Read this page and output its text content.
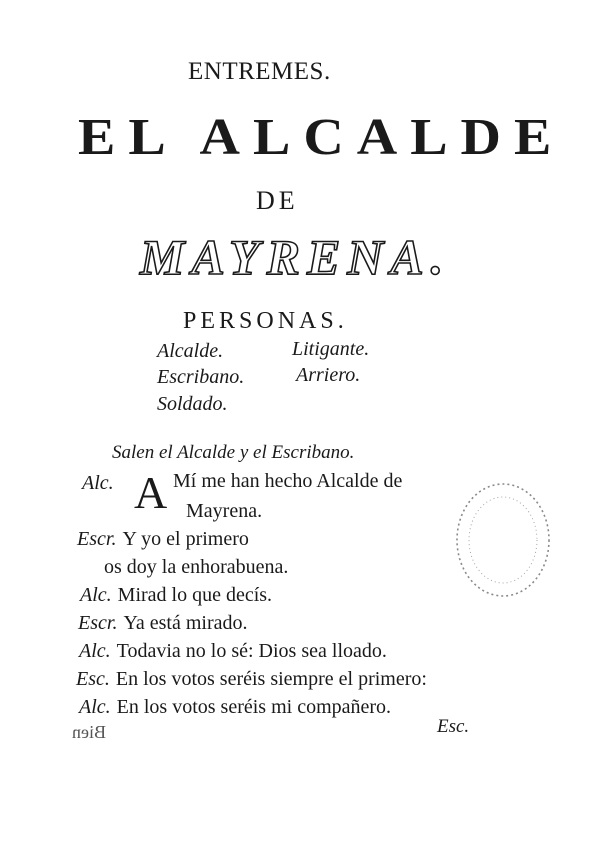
ENTREMES.
EL ALCALDE
DE
MAYRENA.
PERSONAS.
Alcalde.	Litigante.
Escribano.	Arriero.
Soldado.
Salen el Alcalde y el Escribano.
Alc. A Mí me han hecho Alcalde de
Mayrena.
Escr. Y yo el primero
os doy la enhorabuena.
Alc. Mirad lo que decís.
Escr. Ya está mirado.
Alc. Todavia no lo sé: Dios sea lloado.
Esc. En los votos seréis siempre el primero:
Alc. En los votos seréis mi compañero.
Esc.
Bien
